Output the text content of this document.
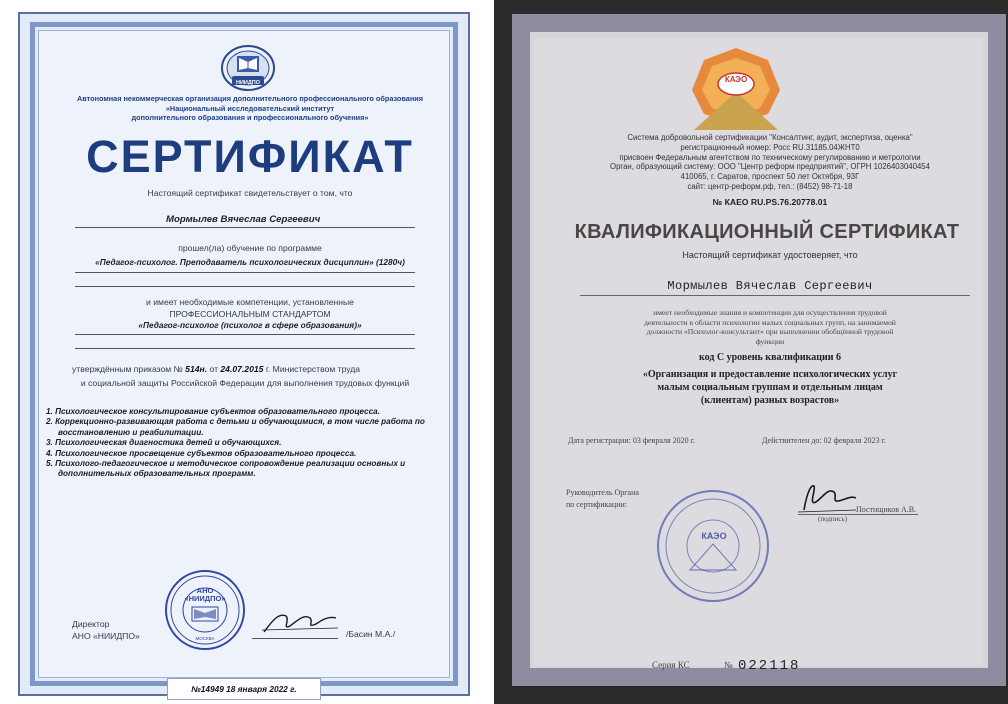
НИИДПО
Автономная некоммерческая организация дополнительного профессионального образования
«Национальный исследовательский институт
дополнительного образования и профессионального обучения»
СЕРТИФИКАТ
Настоящий сертификат свидетельствует о том, что
Мормылев Вячеслав Сергеевич
прошел(ла) обучение по программе
«Педагог-психолог. Преподаватель психологических дисциплин» (1280ч)
и имеет необходимые компетенции, установленные
ПРОФЕССИОНАЛЬНЫМ СТАНДАРТОМ
«Педагог-психолог (психолог в сфере образования)»
утверждённым приказом № 514н. от 24.07.2015 г. Министерством труда
и социальной защиты Российской Федерации для выполнения трудовых функций
1. Психологическое консультирование субъектов образовательного процесса.
2. Коррекционно-развивающая работа с детьми и обучающимися, в том числе работа по восстановлению и реабилитации.
3. Психологическая диагностика детей и обучающихся.
4. Психологическое просвещение субъектов образовательного процесса.
5. Психолого-педагогическое и методическое сопровождение реализации основных и дополнительных образовательных программ.
АНО
«НИИДПО»
МОСКВА
Директор
АНО «НИИДПО»	/Басин М.А./
№14949 18 января 2022 г.
КАЭО
Система добровольной сертификации "Консалтинг, аудит, экспертиза, оценка"
регистрационный номер: Росс RU.31185.04ЖНТ0
присвоен Федеральным агентством по техническому регулированию и метрологии
Орган, образующий систему: ООО "Центр реформ предприятий", ОГРН 1026403040454
410065, г. Саратов, проспект 50 лет Октября, 93Г
сайт: центр-реформ.рф, тел.: (8452) 98-71-18
№ КАЕО RU.PS.76.20778.01
КВАЛИФИКАЦИОННЫЙ СЕРТИФИКАТ
Настоящий сертификат удостоверяет, что
Мормылев Вячеслав Сергеевич
имеет необходимые знания и компетенции для осуществления трудовой
деятельности в области психологии малых социальных групп, на занимаемой
должности «Психолог-консультант» при выполнении обобщённой трудовой
функции
код С уровень квалификации 6
«Организация и предоставление психологических услуг
малым социальным группам и отдельным лицам
(клиентам) разных возрастов»
Дата регистрации: 03 февраля 2020 г.	Действителен до: 02 февраля 2023 г.
Руководитель Органа
по сертификации:
КАЭО
Постнщиков А.В.
(подпись)
Серия КС	№ 022118
